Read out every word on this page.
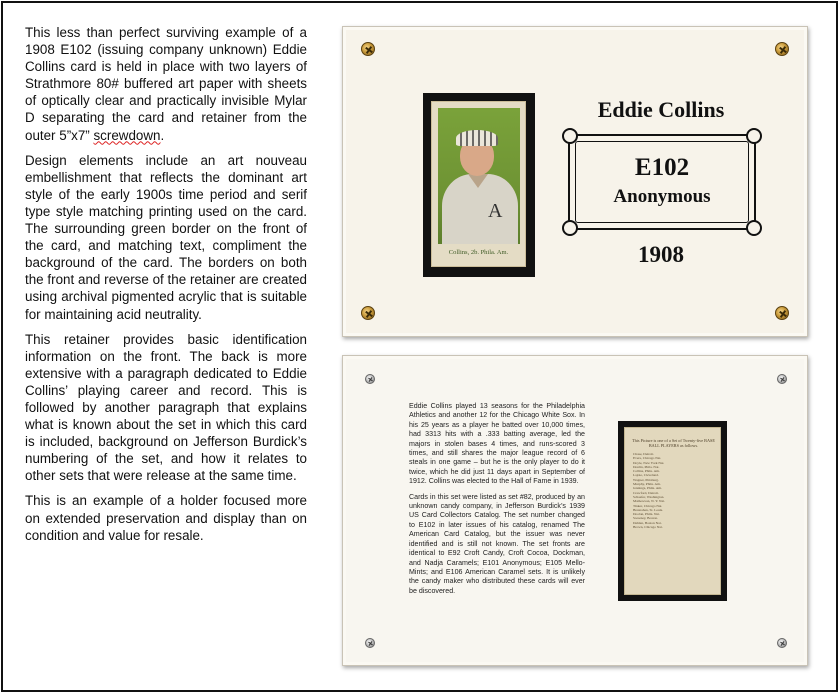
This less than perfect surviving example of a 1908 E102 (issuing company unknown) Eddie Collins card is held in place with two layers of Strathmore 80# buffered art paper with sheets of optically clear and practically invisible Mylar D separating the card and retainer from the outer 5”x7” screwdown.

Design elements include an art nouveau embellishment that reflects the dominant art style of the early 1900s time period and serif type style matching printing used on the card. The surrounding green border on the front of the card, and matching text, compliment the background of the card. The borders on both the front and reverse of the retainer are created using archival pigmented acrylic that is suitable for maintaining acid neutrality.

This retainer provides basic identification information on the front. The back is more extensive with a paragraph dedicated to Eddie Collins’ playing career and record. This is followed by another paragraph that explains what is known about the set in which this card is included, background on Jefferson Burdick’s numbering of the set, and how it relates to other sets that were release at the same time.

This is an example of a holder focused more on extended preservation and display than on condition and value for resale.

A
Collins, 2b. Phila. Am.
Eddie Collins
E102
Anonymous
1908

Eddie Collins played 13 seasons for the Philadelphia Athletics and another 12 for the Chicago White Sox. In his 25 years as a player he batted over 10,000 times, had 3313 hits with a .333 batting average, led the majors in stolen bases 4 times, and runs-scored 3 times, and still shares the major league record of 6 steals in one game – but he is the only player to do it twice, which he did just 11 days apart in September of 1912. Collins was elected to the Hall of Fame in 1939.

Cards in this set were listed as set #82, produced by an unknown candy company, in Jefferson Burdick’s 1939 US Card Collectors Catalog. The set number changed to E102 in later issues of his catalog, renamed The American Card Catalog, but the issuer was never identified and is still not known. The set fronts are identical to E92 Croft Candy, Croft Cocoa, Dockman, and Nadja Caramels; E101 Anonymous; E105 Mello-Mints; and E106 American Caramel sets. It is unlikely the candy maker who distributed these cards will ever be discovered.

This Picture is one of a Set of Twenty-five BASE BALL PLAYERS as follows.
Chase, Detroit.
Evers, Chicago Nat.
Doyle, New York Nat.
Donlin, Phila. Nat.
Collins, Phila. Am.
Lajoie, Cleveland.
Wagner, Pittsburg.
Murphy, Phila. Am.
Jennings, Phila. Am.
Crawford, Detroit.
Schaefer, Washington.
Mathewson, N. Y. Nat.
Tinker, Chicago Nat.
Bresnahan, St. Louis.
Doolan, Phila. Nat.
Sweeney, Boston.
Dahlen, Boston Nat.
Brown, Chicago Nat.
